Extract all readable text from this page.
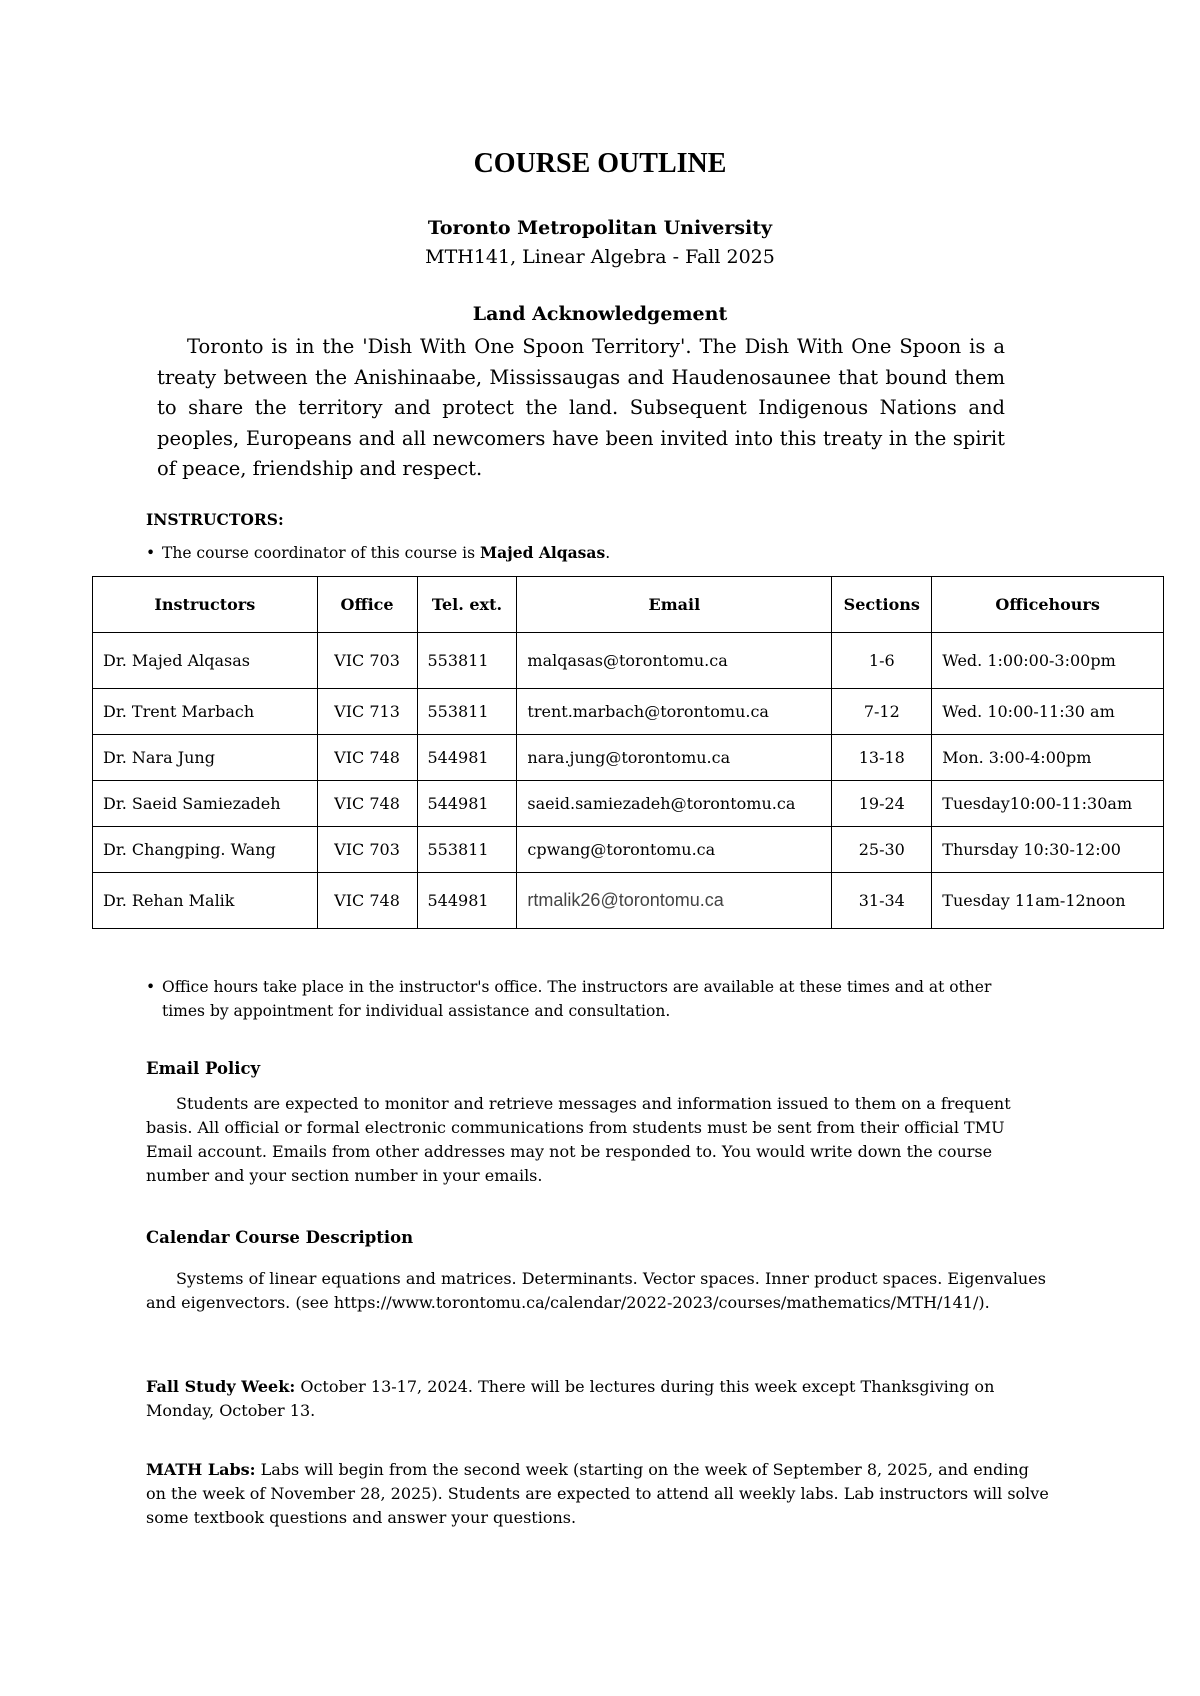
COURSE OUTLINE
Toronto Metropolitan University
MTH141, Linear Algebra - Fall 2025
Land Acknowledgement
Toronto is in the 'Dish With One Spoon Territory'. The Dish With One Spoon is a treaty between the Anishinaabe, Mississaugas and Haudenosaunee that bound them to share the territory and protect the land. Subsequent Indigenous Nations and peoples, Europeans and all newcomers have been invited into this treaty in the spirit of peace, friendship and respect.
INSTRUCTORS:
• The course coordinator of this course is Majed Alqasas.
Instructors	Office	Tel. ext.	Email	Sections	Officehours
Dr. Majed Alqasas	VIC 703	553811	malqasas@torontomu.ca	1-6	Wed. 1:00:00-3:00pm
Dr. Trent Marbach	VIC 713	553811	trent.marbach@torontomu.ca	7-12	Wed. 10:00-11:30 am
Dr. Nara Jung	VIC 748	544981	nara.jung@torontomu.ca	13-18	Mon. 3:00-4:00pm
Dr. Saeid Samiezadeh	VIC 748	544981	saeid.samiezadeh@torontomu.ca	19-24	Tuesday10:00-11:30am
Dr. Changping. Wang	VIC 703	553811	cpwang@torontomu.ca	25-30	Thursday 10:30-12:00
Dr. Rehan Malik	VIC 748	544981	rtmalik26@torontomu.ca	31-34	Tuesday 11am-12noon
• Office hours take place in the instructor's office. The instructors are available at these times and at other
times by appointment for individual assistance and consultation.
Email Policy
Students are expected to monitor and retrieve messages and information issued to them on a frequent basis. All official or formal electronic communications from students must be sent from their official TMU Email account. Emails from other addresses may not be responded to. You would write down the course number and your section number in your emails.
Calendar Course Description
Systems of linear equations and matrices. Determinants. Vector spaces. Inner product spaces. Eigenvalues and eigenvectors. (see https://www.torontomu.ca/calendar/2022-2023/courses/mathematics/MTH/141/).
Fall Study Week: October 13-17, 2024. There will be lectures during this week except Thanksgiving on Monday, October 13.
MATH Labs: Labs will begin from the second week (starting on the week of September 8, 2025, and ending on the week of November 28, 2025). Students are expected to attend all weekly labs. Lab instructors will solve some textbook questions and answer your questions.
